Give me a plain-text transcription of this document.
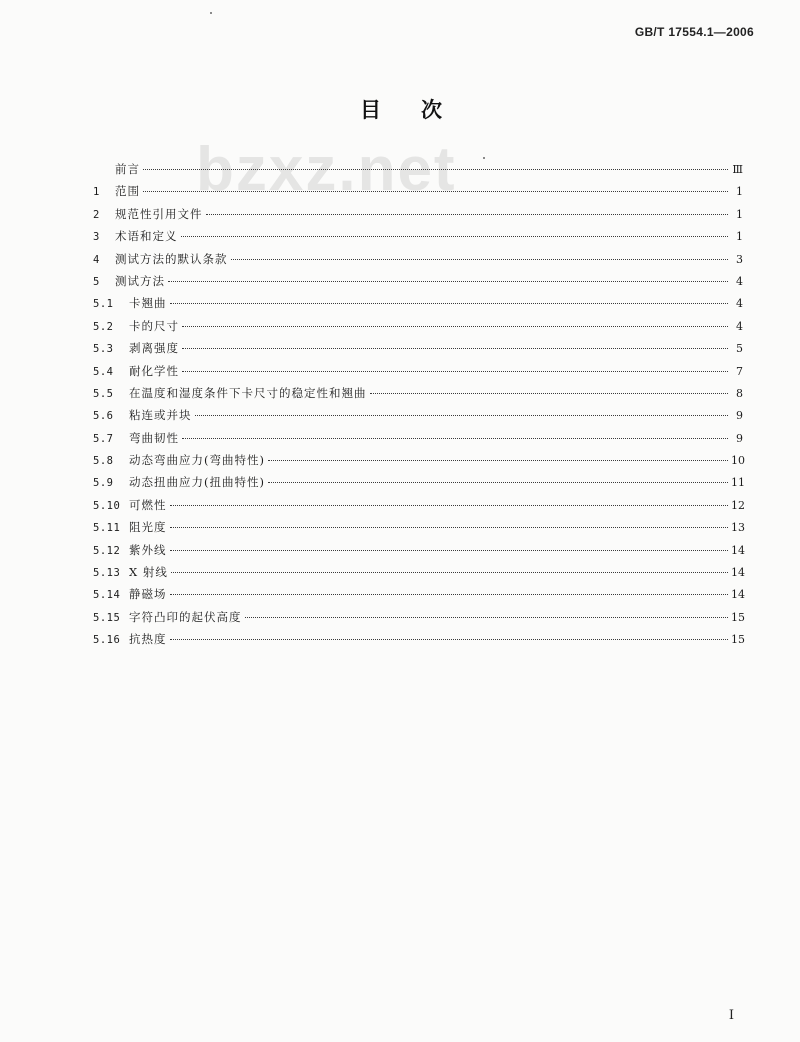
GB/T 17554.1—2006
bzxz.net
目次
前言	Ⅲ
1	范围	1
2	规范性引用文件	1
3	术语和定义	1
4	测试方法的默认条款	3
5	测试方法	4
5.1	卡翘曲	4
5.2	卡的尺寸	4
5.3	剥离强度	5
5.4	耐化学性	7
5.5	在温度和湿度条件下卡尺寸的稳定性和翘曲	8
5.6	粘连或并块	9
5.7	弯曲韧性	9
5.8	动态弯曲应力(弯曲特性)	10
5.9	动态扭曲应力(扭曲特性)	11
5.10 可燃性	12
5.11 阻光度	13
5.12 紫外线	14
5.13 X 射线	14
5.14 静磁场	14
5.15 字符凸印的起伏高度	15
5.16 抗热度	15
I
